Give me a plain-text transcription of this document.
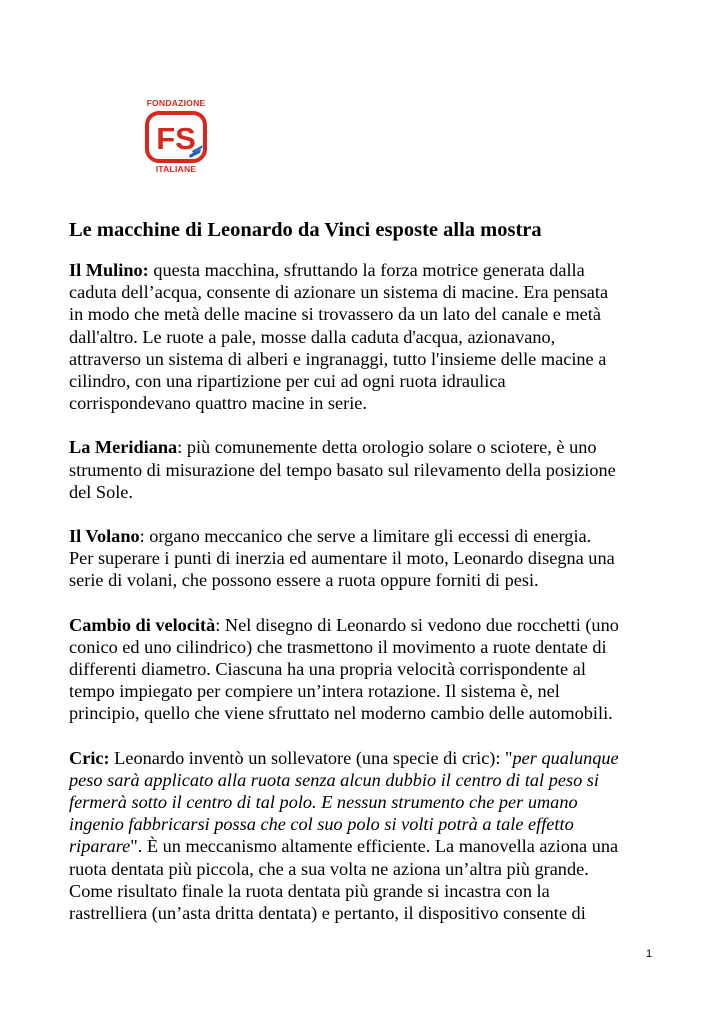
FONDAZIONE
FS
ITALIANE
Le macchine di Leonardo da Vinci esposte alla mostra

Il Mulino: questa macchina, sfruttando la forza motrice generata dalla
caduta dell’acqua, consente di azionare un sistema di macine. Era pensata
in modo che metà delle macine si trovassero da un lato del canale e metà
dall'altro. Le ruote a pale, mosse dalla caduta d'acqua, azionavano,
attraverso un sistema di alberi e ingranaggi, tutto l'insieme delle macine a
cilindro, con una ripartizione per cui ad ogni ruota idraulica
corrispondevano quattro macine in serie.

La Meridiana: più comunemente detta orologio solare o sciotere, è uno
strumento di misurazione del tempo basato sul rilevamento della posizione
del Sole.

Il Volano: organo meccanico che serve a limitare gli eccessi di energia.
Per superare i punti di inerzia ed aumentare il moto, Leonardo disegna una
serie di volani, che possono essere a ruota oppure forniti di pesi.

Cambio di velocità: Nel disegno di Leonardo si vedono due rocchetti (uno
conico ed uno cilindrico) che trasmettono il movimento a ruote dentate di
differenti diametro. Ciascuna ha una propria velocità corrispondente al
tempo impiegato per compiere un’intera rotazione. Il sistema è, nel
principio, quello che viene sfruttato nel moderno cambio delle automobili.

Cric: Leonardo inventò un sollevatore (una specie di cric): "per qualunque
peso sarà applicato alla ruota senza alcun dubbio il centro di tal peso si
fermerà sotto il centro di tal polo. E nessun strumento che per umano
ingenio fabbricarsi possa che col suo polo si volti potrà a tale effetto
riparare". È un meccanismo altamente efficiente. La manovella aziona una
ruota dentata più piccola, che a sua volta ne aziona un’altra più grande.
Come risultato finale la ruota dentata più grande si incastra con la
rastrelliera (un’asta dritta dentata) e pertanto, il dispositivo consente di

1
